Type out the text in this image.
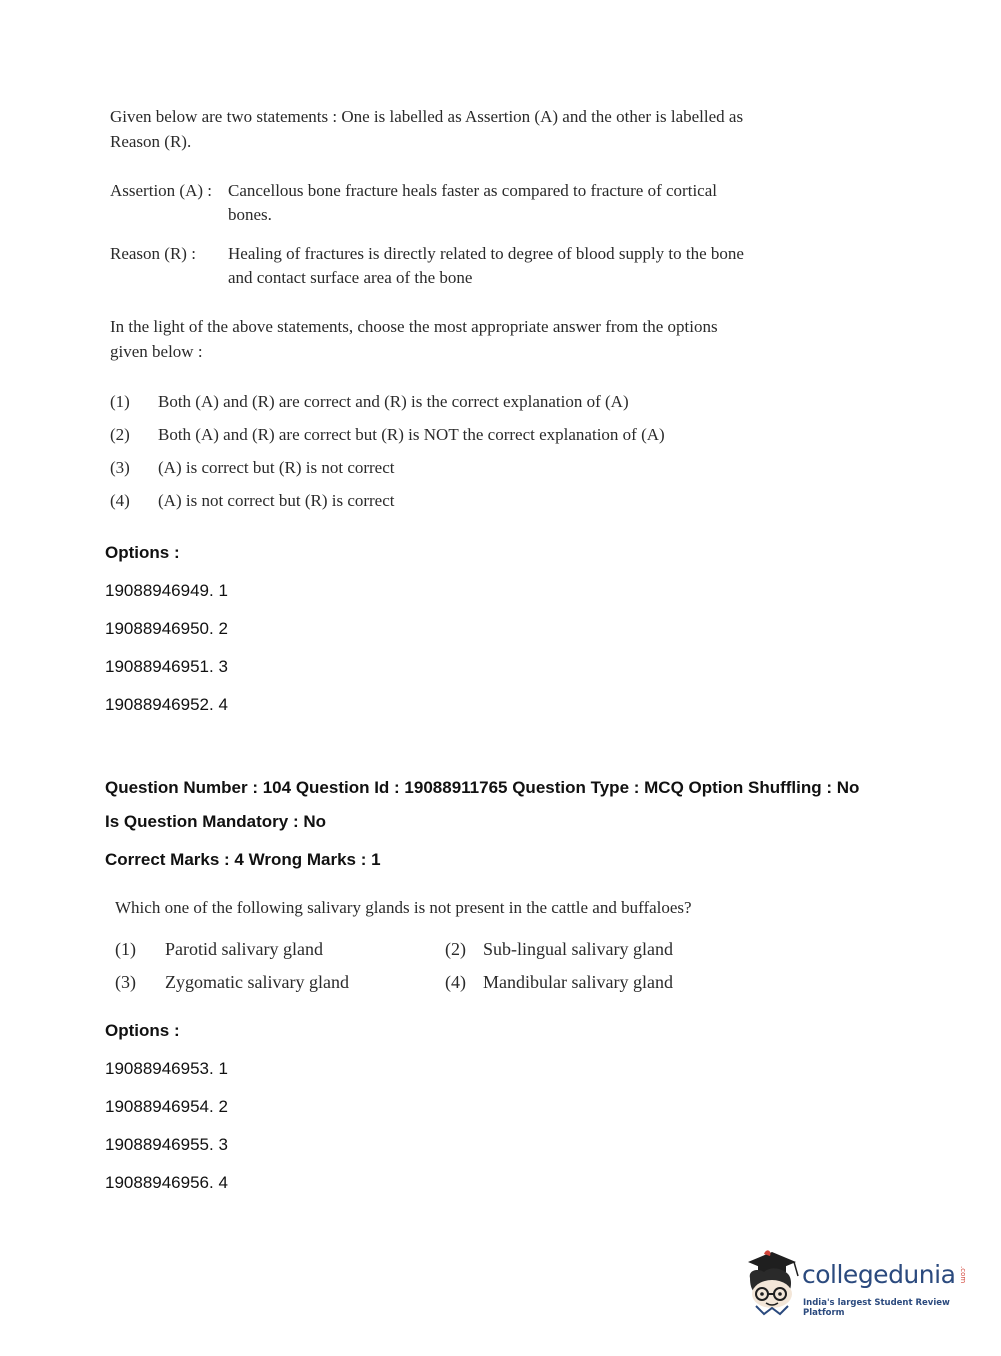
Given below are two statements : One is labelled as Assertion (A) and the other is labelled as
Reason (R).
Assertion (A) : Cancellous bone fracture heals faster as compared to fracture of cortical
bones.
Reason (R) : Healing of fractures is directly related to degree of blood supply to the bone
and contact surface area of the bone
In the light of the above statements, choose the most appropriate answer from the options
given below :
(1) Both (A) and (R) are correct and (R) is the correct explanation of (A)
(2) Both (A) and (R) are correct but (R) is NOT the correct explanation of (A)
(3) (A) is correct but (R) is not correct
(4) (A) is not correct but (R) is correct
Options :
19088946949. 1
19088946950. 2
19088946951. 3
19088946952. 4
Question Number : 104 Question Id : 19088911765 Question Type : MCQ Option Shuffling : No
Is Question Mandatory : No
Correct Marks : 4 Wrong Marks : 1
Which one of the following salivary glands is not present in the cattle and buffaloes?
(1) Parotid salivary gland	(2) Sub-lingual salivary gland
(3) Zygomatic salivary gland	(4) Mandibular salivary gland
Options :
19088946953. 1
19088946954. 2
19088946955. 3
19088946956. 4
collegedunia .com
India's largest Student Review Platform
